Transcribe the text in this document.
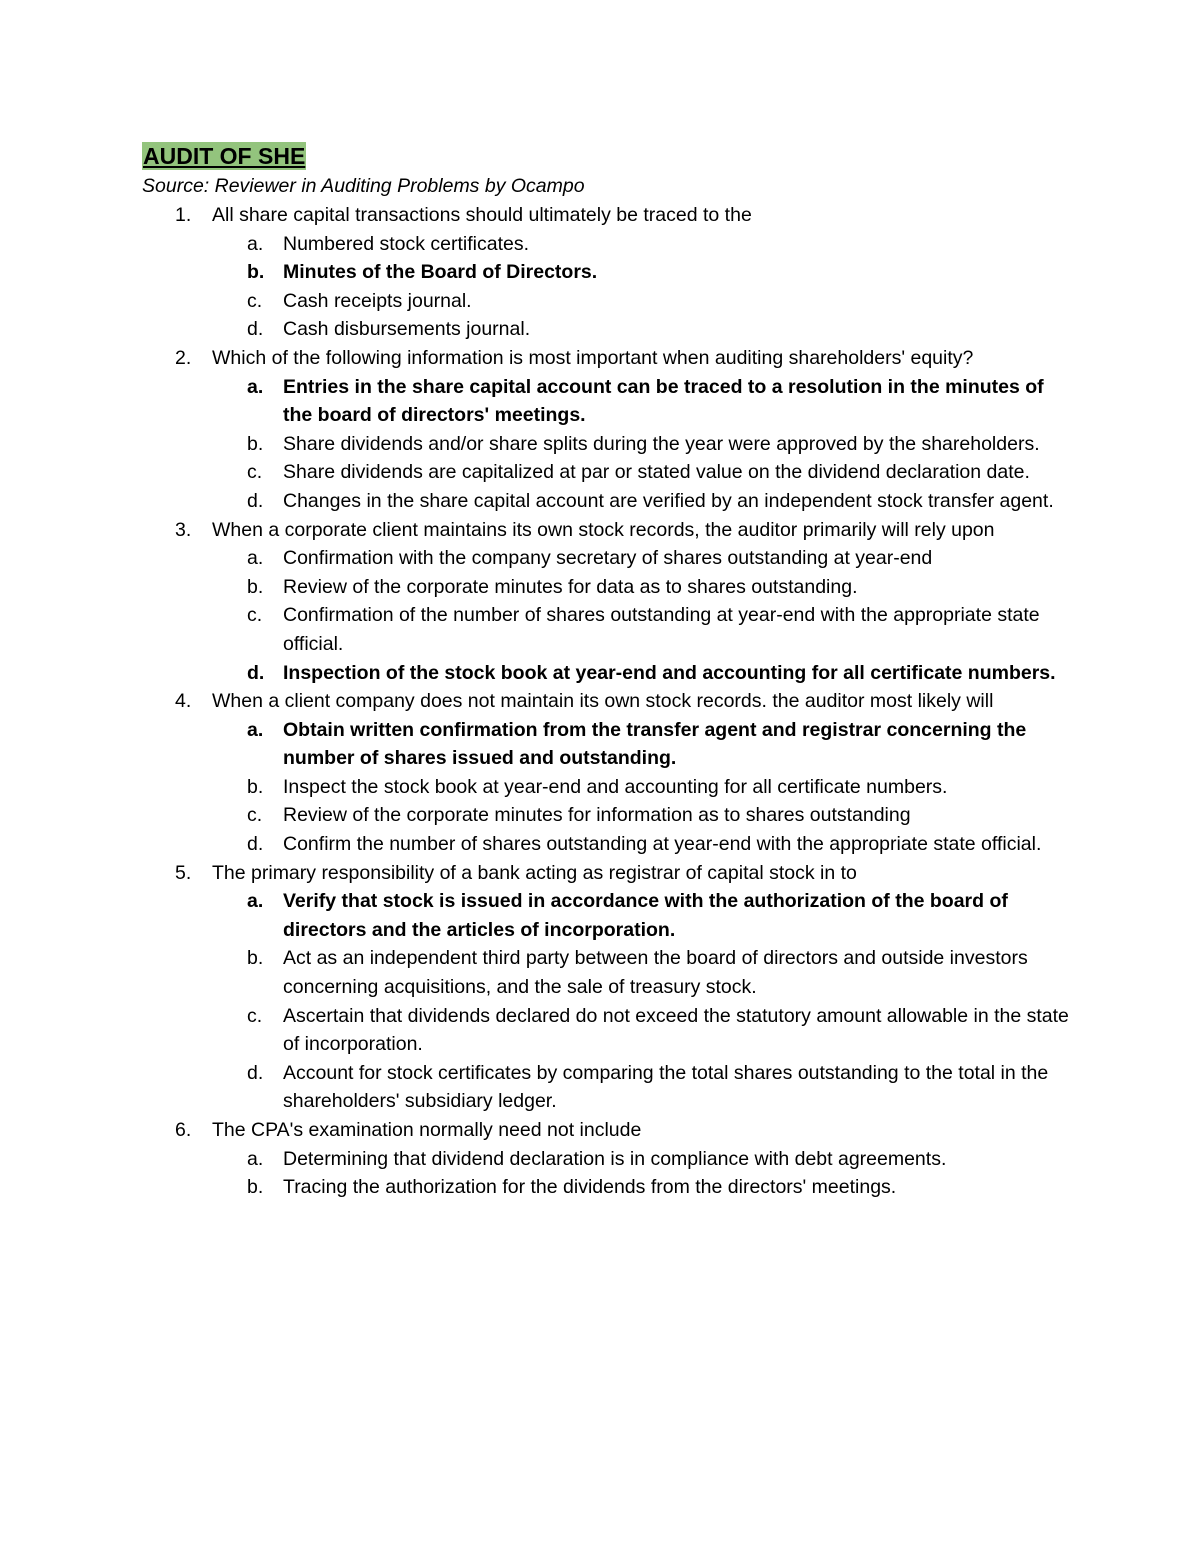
AUDIT OF SHE
Source: Reviewer in Auditing Problems by Ocampo
1. All share capital transactions should ultimately be traced to the
a. Numbered stock certificates.
b. Minutes of the Board of Directors.
c. Cash receipts journal.
d. Cash disbursements journal.
2. Which of the following information is most important when auditing shareholders' equity?
a. Entries in the share capital account can be traced to a resolution in the minutes of the board of directors' meetings.
b. Share dividends and/or share splits during the year were approved by the shareholders.
c. Share dividends are capitalized at par or stated value on the dividend declaration date.
d. Changes in the share capital account are verified by an independent stock transfer agent.
3. When a corporate client maintains its own stock records, the auditor primarily will rely upon
a. Confirmation with the company secretary of shares outstanding at year-end
b. Review of the corporate minutes for data as to shares outstanding.
c. Confirmation of the number of shares outstanding at year-end with the appropriate state official.
d. Inspection of the stock book at year-end and accounting for all certificate numbers.
4. When a client company does not maintain its own stock records. the auditor most likely will
a. Obtain written confirmation from the transfer agent and registrar concerning the number of shares issued and outstanding.
b. Inspect the stock book at year-end and accounting for all certificate numbers.
c. Review of the corporate minutes for information as to shares outstanding
d. Confirm the number of shares outstanding at year-end with the appropriate state official.
5. The primary responsibility of a bank acting as registrar of capital stock in to
a. Verify that stock is issued in accordance with the authorization of the board of directors and the articles of incorporation.
b. Act as an independent third party between the board of directors and outside investors concerning acquisitions, and the sale of treasury stock.
c. Ascertain that dividends declared do not exceed the statutory amount allowable in the state of incorporation.
d. Account for stock certificates by comparing the total shares outstanding to the total in the shareholders' subsidiary ledger.
6. The CPA's examination normally need not include
a. Determining that dividend declaration is in compliance with debt agreements.
b. Tracing the authorization for the dividends from the directors' meetings.
